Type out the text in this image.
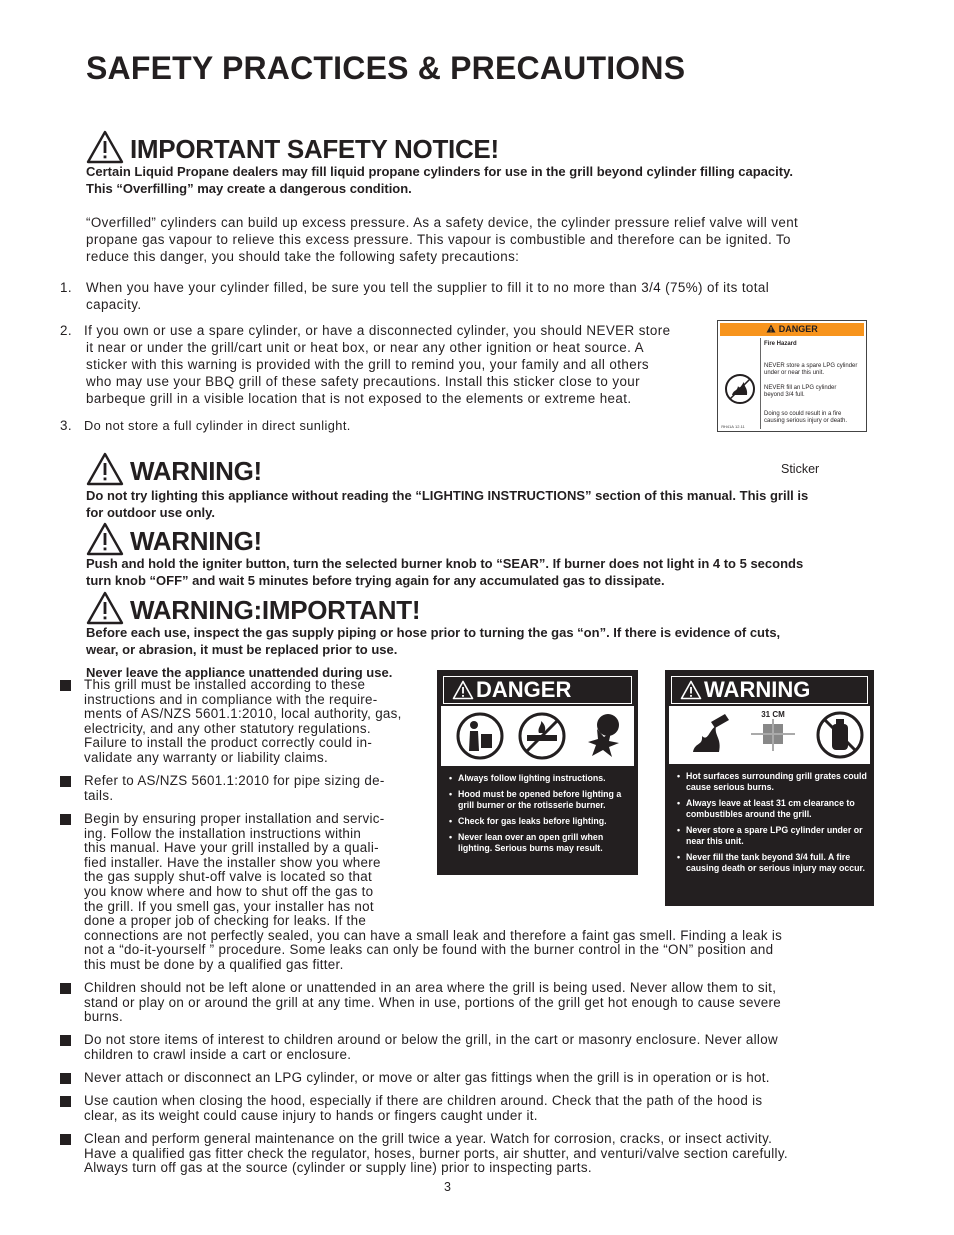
SAFETY PRACTICES & PRECAUTIONS
IMPORTANT SAFETY NOTICE!

Certain Liquid Propane dealers may fill liquid propane cylinders for use in the grill beyond cylinder filling capacity.

This “Overfilling” may create a dangerous condition.

“Overfilled” cylinders can build up excess pressure. As a safety device, the cylinder pressure relief valve will vent

propane gas vapour to relieve this excess pressure. This vapour is combustible and therefore can be ignited. To

reduce this danger, you should take the following safety precautions:

1. When you have your cylinder filled, be sure you tell the supplier to fill it to no more than 3/4 (75%) of its total

capacity.

2. If you own or use a spare cylinder, or have a disconnected cylinder, you should NEVER store

it near or under the grill/cart unit or heat box, or near any other ignition or heat source. A

sticker with this warning is provided with the grill to remind you, your family and all others

who may use your BBQ grill of these safety precautions. Install this sticker close to your

barbeque grill in a visible location that is not exposed to the elements or extreme heat.

3. Do not store a full cylinder in direct sunlight.

DANGER
Fire Hazard
NEVER store a spare LPG cylinder
under or near this unit.
NEVER fill an LPG cylinder
beyond 3/4 full.
Doing so could result in a fire
causing serious injury or death.
ЯН41А 12.11
Sticker
WARNING!

Do not try lighting this appliance without reading the “LIGHTING INSTRUCTIONS” section of this manual. This grill is

for outdoor use only.

WARNING!

Push and hold the igniter button, turn the selected burner knob to “SEAR”. If burner does not light in 4 to 5 seconds

turn knob “OFF” and wait 5 minutes before trying again for any accumulated gas to dissipate.

WARNING:IMPORTANT!

Before each use, inspect the gas supply piping or hose prior to turning the gas “on”. If there is evidence of cuts,

wear, or abrasion, it must be replaced prior to use.

Never leave the appliance unattended during use.

This grill must be installed according to these

instructions and in compliance with the require-

ments of AS/NZS 5601.1:2010, local authority, gas,

electricity, and any other statutory regulations.

Failure to install the product correctly could in-

validate any warranty or liability claims.

Refer to AS/NZS 5601.1:2010 for pipe sizing de-

tails.

Begin by ensuring proper installation and servic-

ing. Follow the installation instructions within

this manual. Have your grill installed by a quali-

fied installer. Have the installer show you where

the gas supply shut-off valve is located so that

you know where and how to shut off the gas to

the grill. If you smell gas, your installer has not

done a proper job of checking for leaks. If the

connections are not perfectly sealed, you can have a small leak and therefore a faint gas smell. Finding a leak is

not a “do-it-yourself ” procedure. Some leaks can only be found with the burner control in the “ON” position and

this must be done by a qualified gas fitter.

Children should not be left alone or unattended in an area where the grill is being used. Never allow them to sit,

stand or play on or around the grill at any time. When in use, portions of the grill get hot enough to cause severe

burns.

Do not store items of interest to children around or below the grill, in the cart or masonry enclosure. Never allow

children to crawl inside a cart or enclosure.

Never attach or disconnect an LPG cylinder, or move or alter gas fittings when the grill is in operation or is hot.

Use caution when closing the hood, especially if there are children around. Check that the path of the hood is

clear, as its weight could cause injury to hands or fingers caught under it.

Clean and perform general maintenance on the grill twice a year. Watch for corrosion, cracks, or insect activity.

Have a qualified gas fitter check the regulator, hoses, burner ports, air shutter, and venturi/valve section carefully.

Always turn off gas at the source (cylinder or supply line) prior to inspecting parts.

DANGER
• Always follow lighting instructions.
• Hood must be opened before lighting a grill burner or the rotisserie burner.
• Check for gas leaks before lighting.
• Never lean over an open grill when lighting. Serious burns may result.
WARNING
31 CM
• Hot surfaces surrounding grill grates could cause serious burns.
• Always leave at least 31 cm clearance to combustibles around the grill.
• Never store a spare LPG cylinder under or near this unit.
• Never fill the tank beyond 3/4 full. A fire causing death or serious injury may occur.
3
